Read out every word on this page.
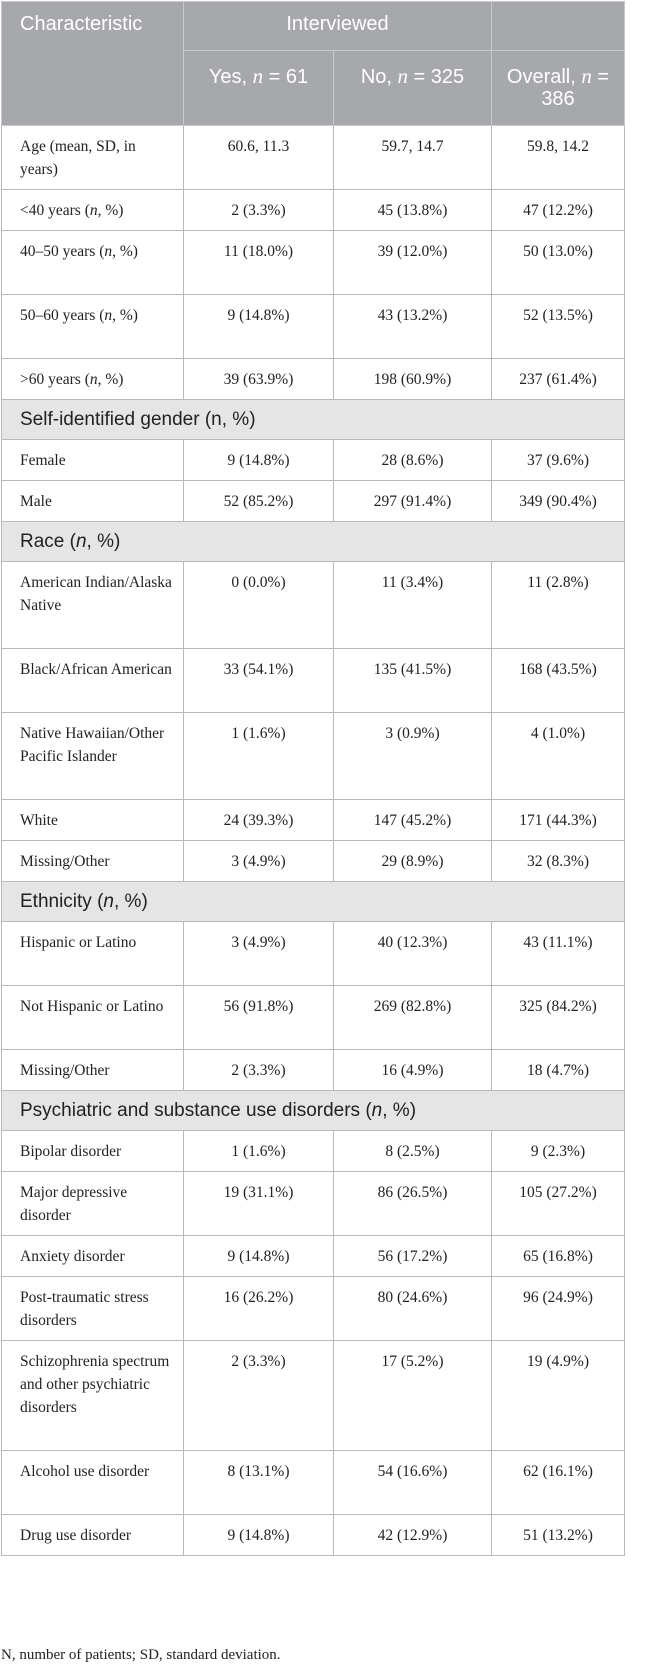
Characteristic	Interviewed		
	Yes, n = 61	No, n = 325	Overall, n = 386
Age (mean, SD, in years)	60.6, 11.3	59.7, 14.7	59.8, 14.2
<40 years (n, %)	2 (3.3%)	45 (13.8%)	47 (12.2%)
40–50 years (n, %)	11 (18.0%)	39 (12.0%)	50 (13.0%)
50–60 years (n, %)	9 (14.8%)	43 (13.2%)	52 (13.5%)
>60 years (n, %)	39 (63.9%)	198 (60.9%)	237 (61.4%)
Self-identified gender (n, %)			
Female	9 (14.8%)	28 (8.6%)	37 (9.6%)
Male	52 (85.2%)	297 (91.4%)	349 (90.4%)
Race (n, %)			
American Indian/Alaska Native	0 (0.0%)	11 (3.4%)	11 (2.8%)
Black/African American	33 (54.1%)	135 (41.5%)	168 (43.5%)
Native Hawaiian/Other Pacific Islander	1 (1.6%)	3 (0.9%)	4 (1.0%)
White	24 (39.3%)	147 (45.2%)	171 (44.3%)
Missing/Other	3 (4.9%)	29 (8.9%)	32 (8.3%)
Ethnicity (n, %)			
Hispanic or Latino	3 (4.9%)	40 (12.3%)	43 (11.1%)
Not Hispanic or Latino	56 (91.8%)	269 (82.8%)	325 (84.2%)
Missing/Other	2 (3.3%)	16 (4.9%)	18 (4.7%)
Psychiatric and substance use disorders (n, %)			
Bipolar disorder	1 (1.6%)	8 (2.5%)	9 (2.3%)
Major depressive disorder	19 (31.1%)	86 (26.5%)	105 (27.2%)
Anxiety disorder	9 (14.8%)	56 (17.2%)	65 (16.8%)
Post-traumatic stress disorders	16 (26.2%)	80 (24.6%)	96 (24.9%)
Schizophrenia spectrum and other psychiatric disorders	2 (3.3%)	17 (5.2%)	19 (4.9%)
Alcohol use disorder	8 (13.1%)	54 (16.6%)	62 (16.1%)
Drug use disorder	9 (14.8%)	42 (12.9%)	51 (13.2%)
N, number of patients; SD, standard deviation.
